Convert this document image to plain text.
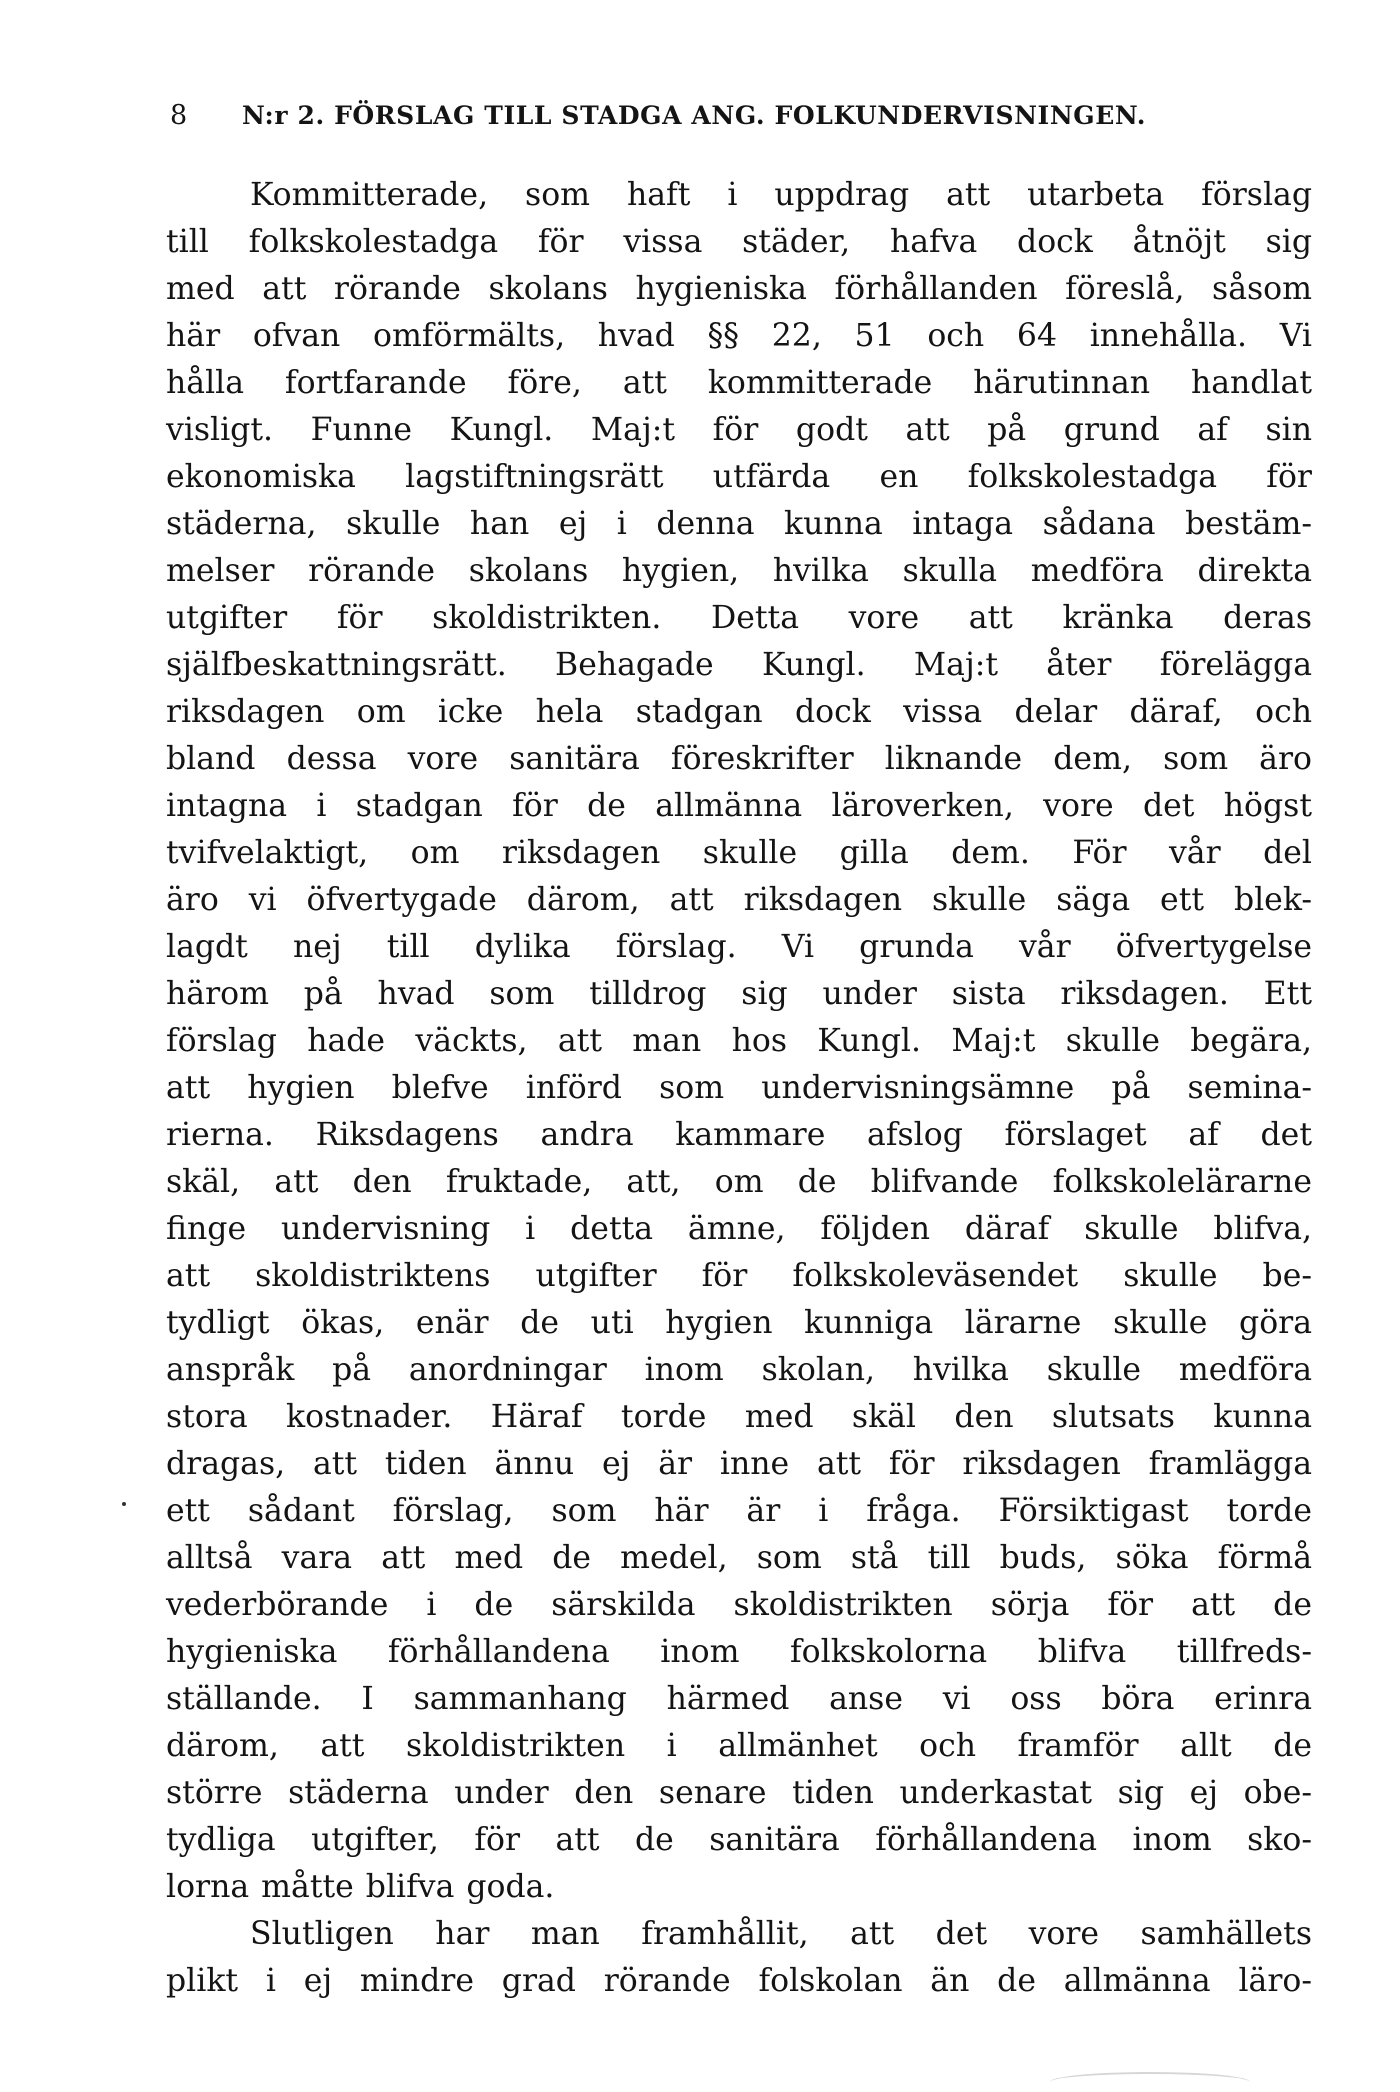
8 N:r 2. FÖRSLAG TILL STADGA ANG. FOLKUNDERVISNINGEN.
Kommitterade, som haft i uppdrag att utarbeta förslag
till folkskolestadga för vissa städer, hafva dock åtnöjt sig
med att rörande skolans hygieniska förhållanden föreslå, såsom
här ofvan omförmälts, hvad §§ 22, 51 och 64 innehålla. Vi
hålla fortfarande före, att kommitterade härutinnan handlat
visligt. Funne Kungl. Maj:t för godt att på grund af sin
ekonomiska lagstiftningsrätt utfärda en folkskolestadga för
städerna, skulle han ej i denna kunna intaga sådana bestäm-
melser rörande skolans hygien, hvilka skulla medföra direkta
utgifter för skoldistrikten. Detta vore att kränka deras
själfbeskattningsrätt. Behagade Kungl. Maj:t åter förelägga
riksdagen om icke hela stadgan dock vissa delar däraf, och
bland dessa vore sanitära föreskrifter liknande dem, som äro
intagna i stadgan för de allmänna läroverken, vore det högst
tvifvelaktigt, om riksdagen skulle gilla dem. För vår del
äro vi öfvertygade därom, att riksdagen skulle säga ett blek-
lagdt nej till dylika förslag. Vi grunda vår öfvertygelse
härom på hvad som tilldrog sig under sista riksdagen. Ett
förslag hade väckts, att man hos Kungl. Maj:t skulle begära,
att hygien blefve införd som undervisningsämne på semina-
rierna. Riksdagens andra kammare afslog förslaget af det
skäl, att den fruktade, att, om de blifvande folkskolelärarne
finge undervisning i detta ämne, följden däraf skulle blifva,
att skoldistriktens utgifter för folkskoleväsendet skulle be-
tydligt ökas, enär de uti hygien kunniga lärarne skulle göra
anspråk på anordningar inom skolan, hvilka skulle medföra
stora kostnader. Häraf torde med skäl den slutsats kunna
dragas, att tiden ännu ej är inne att för riksdagen framlägga
ett sådant förslag, som här är i fråga. Försiktigast torde
alltså vara att med de medel, som stå till buds, söka förmå
vederbörande i de särskilda skoldistrikten sörja för att de
hygieniska förhållandena inom folkskolorna blifva tillfreds-
ställande. I sammanhang härmed anse vi oss böra erinra
därom, att skoldistrikten i allmänhet och framför allt de
större städerna under den senare tiden underkastat sig ej obe-
tydliga utgifter, för att de sanitära förhållandena inom sko-
lorna måtte blifva goda.
Slutligen har man framhållit, att det vore samhällets
plikt i ej mindre grad rörande folskolan än de allmänna läro-
